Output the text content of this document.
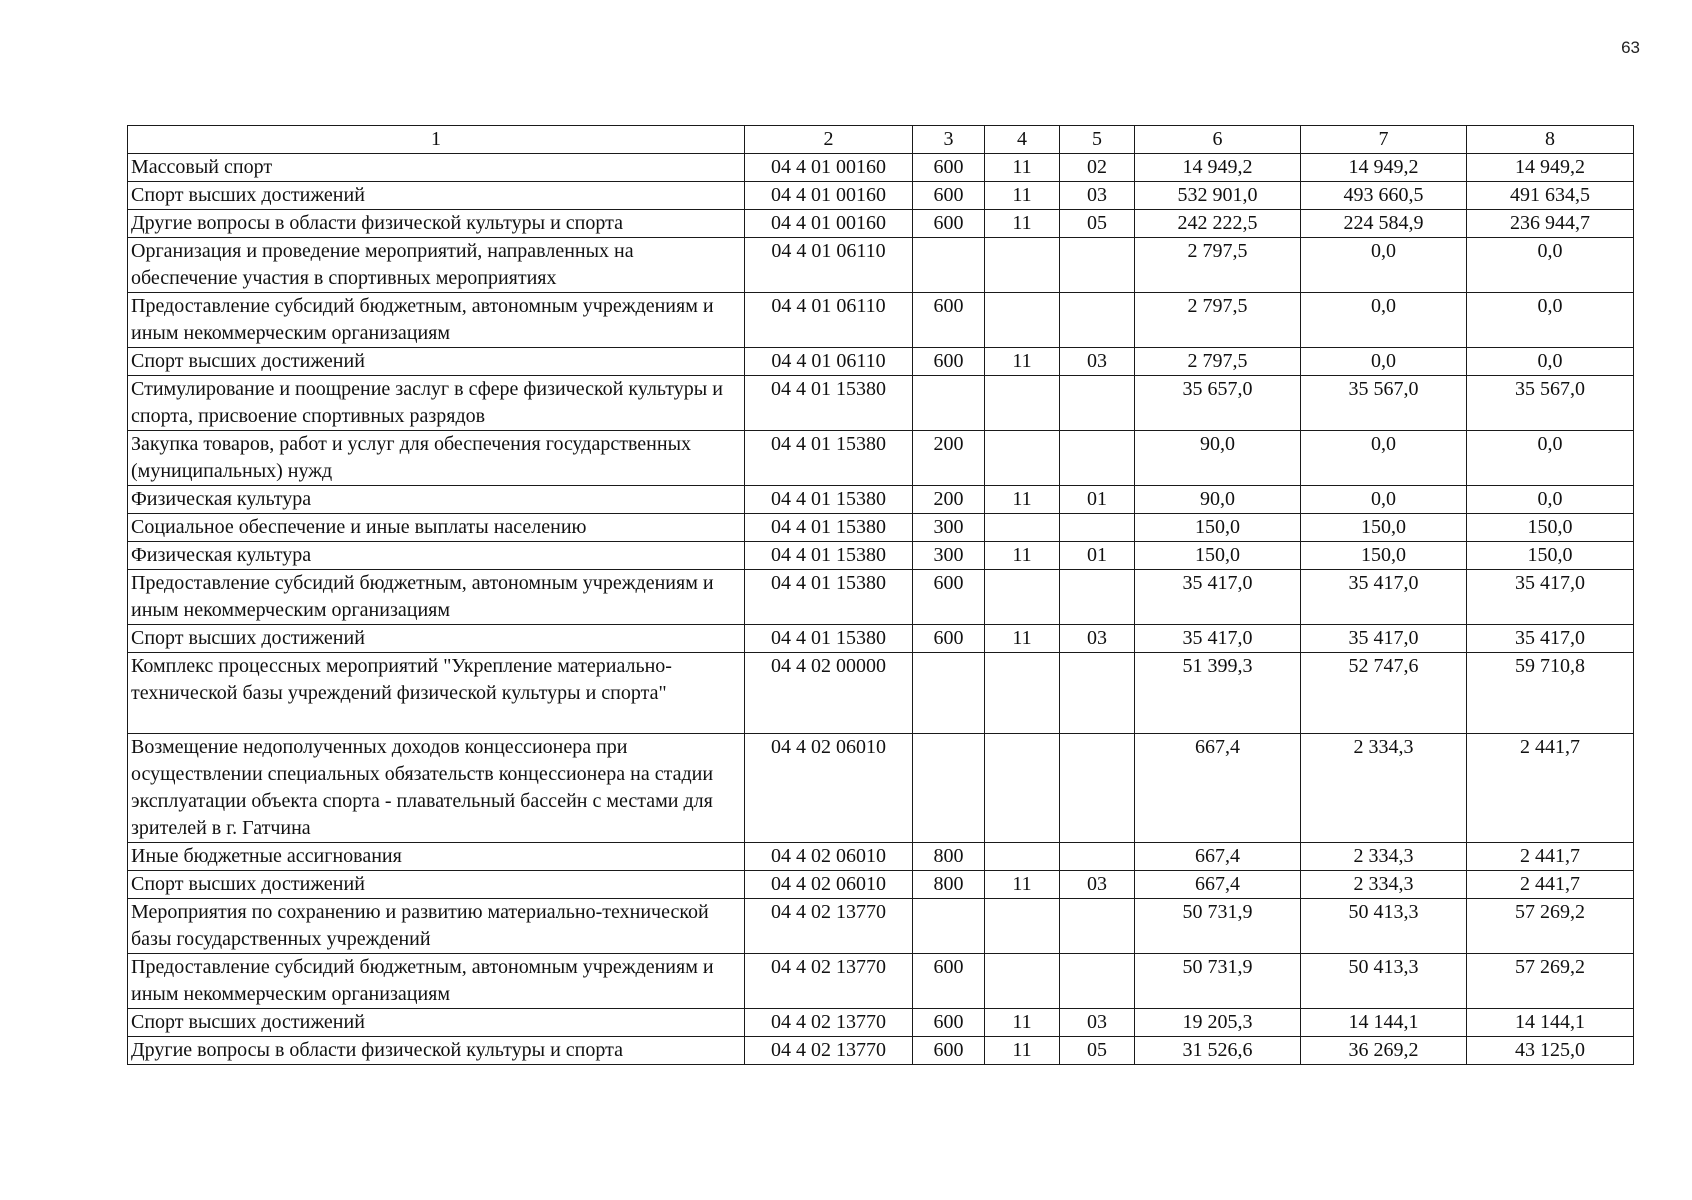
63
1	2	3	4	5	6	7	8
Массовый спорт	04 4 01 00160	600	11	02	14 949,2	14 949,2	14 949,2
Спорт высших достижений	04 4 01 00160	600	11	03	532 901,0	493 660,5	491 634,5
Другие вопросы в области физической культуры и спорта	04 4 01 00160	600	11	05	242 222,5	224 584,9	236 944,7
Организация и проведение мероприятий, направленных на обеспечение участия в спортивных мероприятиях	04 4 01 06110				2 797,5	0,0	0,0
Предоставление субсидий бюджетным, автономным учреждениям и иным некоммерческим организациям	04 4 01 06110	600			2 797,5	0,0	0,0
Спорт высших достижений	04 4 01 06110	600	11	03	2 797,5	0,0	0,0
Стимулирование и поощрение заслуг в сфере физической культуры и спорта, присвоение спортивных разрядов	04 4 01 15380				35 657,0	35 567,0	35 567,0
Закупка товаров, работ и услуг для обеспечения государственных (муниципальных) нужд	04 4 01 15380	200			90,0	0,0	0,0
Физическая культура	04 4 01 15380	200	11	01	90,0	0,0	0,0
Социальное обеспечение и иные выплаты населению	04 4 01 15380	300			150,0	150,0	150,0
Физическая культура	04 4 01 15380	300	11	01	150,0	150,0	150,0
Предоставление субсидий бюджетным, автономным учреждениям и иным некоммерческим организациям	04 4 01 15380	600			35 417,0	35 417,0	35 417,0
Спорт высших достижений	04 4 01 15380	600	11	03	35 417,0	35 417,0	35 417,0
Комплекс процессных мероприятий "Укрепление материально-технической базы учреждений физической культуры и спорта"	04 4 02 00000				51 399,3	52 747,6	59 710,8
Возмещение недополученных доходов концессионера при осуществлении специальных обязательств концессионера на стадии эксплуатации объекта спорта - плавательный бассейн с местами для зрителей в г. Гатчина	04 4 02 06010				667,4	2 334,3	2 441,7
Иные бюджетные ассигнования	04 4 02 06010	800			667,4	2 334,3	2 441,7
Спорт высших достижений	04 4 02 06010	800	11	03	667,4	2 334,3	2 441,7
Мероприятия по сохранению и развитию материально-технической базы государственных учреждений	04 4 02 13770				50 731,9	50 413,3	57 269,2
Предоставление субсидий бюджетным, автономным учреждениям и иным некоммерческим организациям	04 4 02 13770	600			50 731,9	50 413,3	57 269,2
Спорт высших достижений	04 4 02 13770	600	11	03	19 205,3	14 144,1	14 144,1
Другие вопросы в области физической культуры и спорта	04 4 02 13770	600	11	05	31 526,6	36 269,2	43 125,0
